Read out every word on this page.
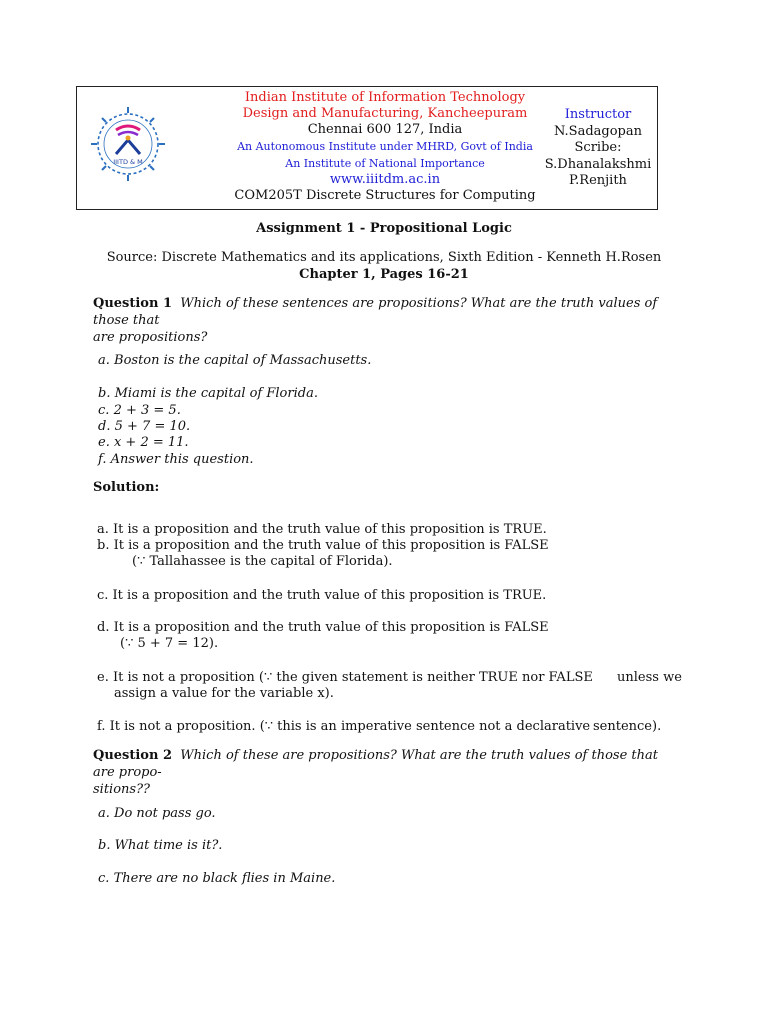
IIITD & M
Indian Institute of Information Technology
Design and Manufacturing, Kancheepuram
Chennai 600 127, India
An Autonomous Institute under MHRD, Govt of India
An Institute of National Importance
www.iiitdm.ac.in
COM205T Discrete Structures for Computing
Instructor
N.Sadagopan
Scribe:
S.Dhanalakshmi
P.Renjith
Assignment 1 - Propositional Logic
Source: Discrete Mathematics and its applications, Sixth Edition - Kenneth H.Rosen
Chapter 1, Pages 16-21
Question 1 Which of these sentences are propositions? What are the truth values of those that
are propositions?
a. Boston is the capital of Massachusetts.
b. Miami is the capital of Florida.
c. 2 + 3 = 5.
d. 5 + 7 = 10.
e. x + 2 = 11.
f. Answer this question.
Solution:
a. It is a proposition and the truth value of this proposition is TRUE.
b. It is a proposition and the truth value of this proposition is FALSE
(∵ Tallahassee is the capital of Florida).
c. It is a proposition and the truth value of this proposition is TRUE.
d. It is a proposition and the truth value of this proposition is FALSE
(∵ 5 + 7 = 12).
e. It is not a proposition (∵ the given statement is neither TRUE nor FALSE unless we
assign a value for the variable x).
f. It is not a proposition. (∵ this is an imperative sentence not a declarative sentence).
Question 2 Which of these are propositions? What are the truth values of those that are propo-
sitions??
a. Do not pass go.
b. What time is it?.
c. There are no black flies in Maine.
